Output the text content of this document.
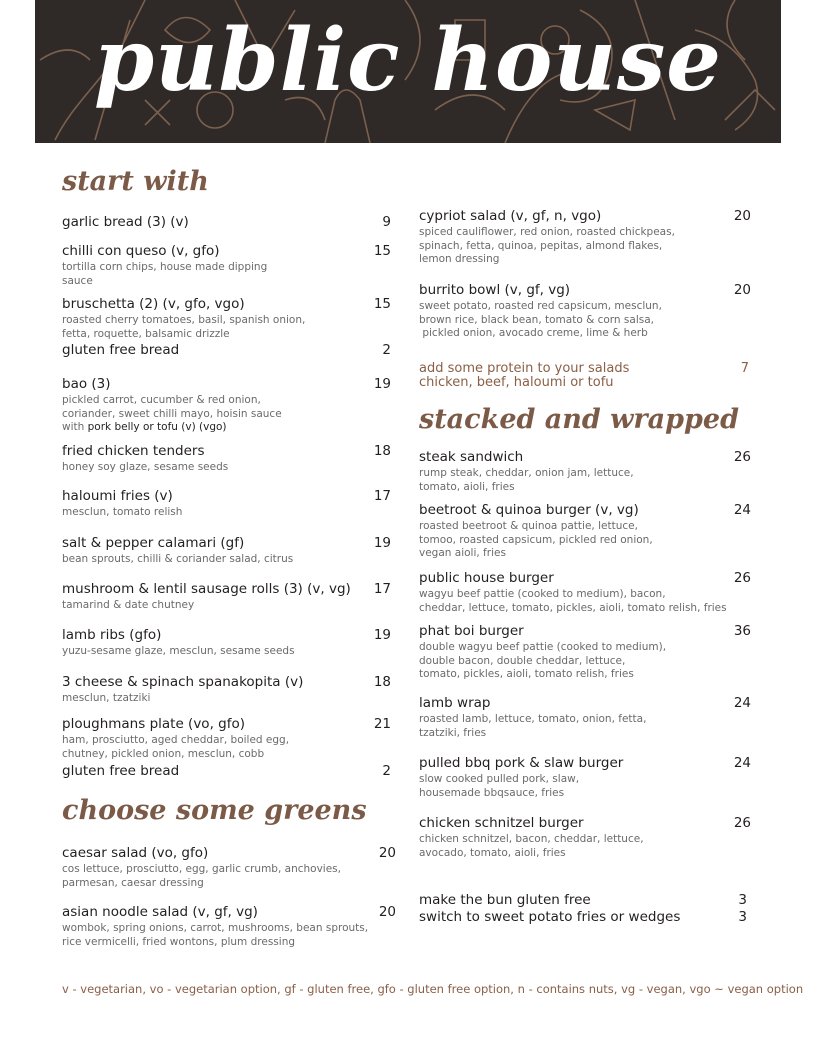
public house
start with
garlic bread (3) (v)	9
chilli con queso (v, gfo)	15
tortilla corn chips, house made dipping
sauce
bruschetta (2) (v, gfo, vgo)	15
roasted cherry tomatoes, basil, spanish onion,
fetta, roquette, balsamic drizzle
gluten free bread	2
bao (3)	19
pickled carrot, cucumber & red onion,
coriander, sweet chilli mayo, hoisin sauce
with pork belly or tofu (v) (vgo)
fried chicken tenders	18
honey soy glaze, sesame seeds
haloumi fries (v)	17
mesclun, tomato relish
salt & pepper calamari (gf)	19
bean sprouts, chilli & coriander salad, citrus
mushroom & lentil sausage rolls (3) (v, vg) 17
tamarind & date chutney
lamb ribs (gfo)	19
yuzu-sesame glaze, mesclun, sesame seeds
3 cheese & spinach spanakopita (v)	18
mesclun, tzatziki
ploughmans plate (vo, gfo)	21
ham, prosciutto, aged cheddar, boiled egg,
chutney, pickled onion, mesclun, cobb
gluten free bread	2
choose some greens
caesar salad (vo, gfo)	20
cos lettuce, prosciutto, egg, garlic crumb, anchovies,
parmesan, caesar dressing
asian noodle salad (v, gf, vg)	20
wombok, spring onions, carrot, mushrooms, bean sprouts,
rice vermicelli, fried wontons, plum dressing
cypriot salad (v, gf, n, vgo)	20
spiced cauliflower, red onion, roasted chickpeas,
spinach, fetta, quinoa, pepitas, almond flakes,
lemon dressing
burrito bowl (v, gf, vg)	20
sweet potato, roasted red capsicum, mesclun,
brown rice, black bean, tomato & corn salsa,
pickled onion, avocado creme, lime & herb
add some protein to your salads	7
chicken, beef, haloumi or tofu
stacked and wrapped
steak sandwich	26
rump steak, cheddar, onion jam, lettuce,
tomato, aioli, fries
beetroot & quinoa burger (v, vg)	24
roasted beetroot & quinoa pattie, lettuce,
tomoo, roasted capsicum, pickled red onion,
vegan aioli, fries
public house burger	26
wagyu beef pattie (cooked to medium), bacon,
cheddar, lettuce, tomato, pickles, aioli, tomato relish, fries
phat boi burger	36
double wagyu beef pattie (cooked to medium),
double bacon, double cheddar, lettuce,
tomato, pickles, aioli, tomato relish, fries
lamb wrap	24
roasted lamb, lettuce, tomato, onion, fetta,
tzatziki, fries
pulled bbq pork & slaw burger	24
slow cooked pulled pork, slaw,
housemade bbqsauce, fries
chicken schnitzel burger	26
chicken schnitzel, bacon, cheddar, lettuce,
avocado, tomato, aioli, fries
make the bun gluten free	3
switch to sweet potato fries or wedges	3
v - vegetarian, vo - vegetarian option, gf - gluten free, gfo - gluten free option, n - contains nuts, vg - vegan, vgo ~ vegan option
